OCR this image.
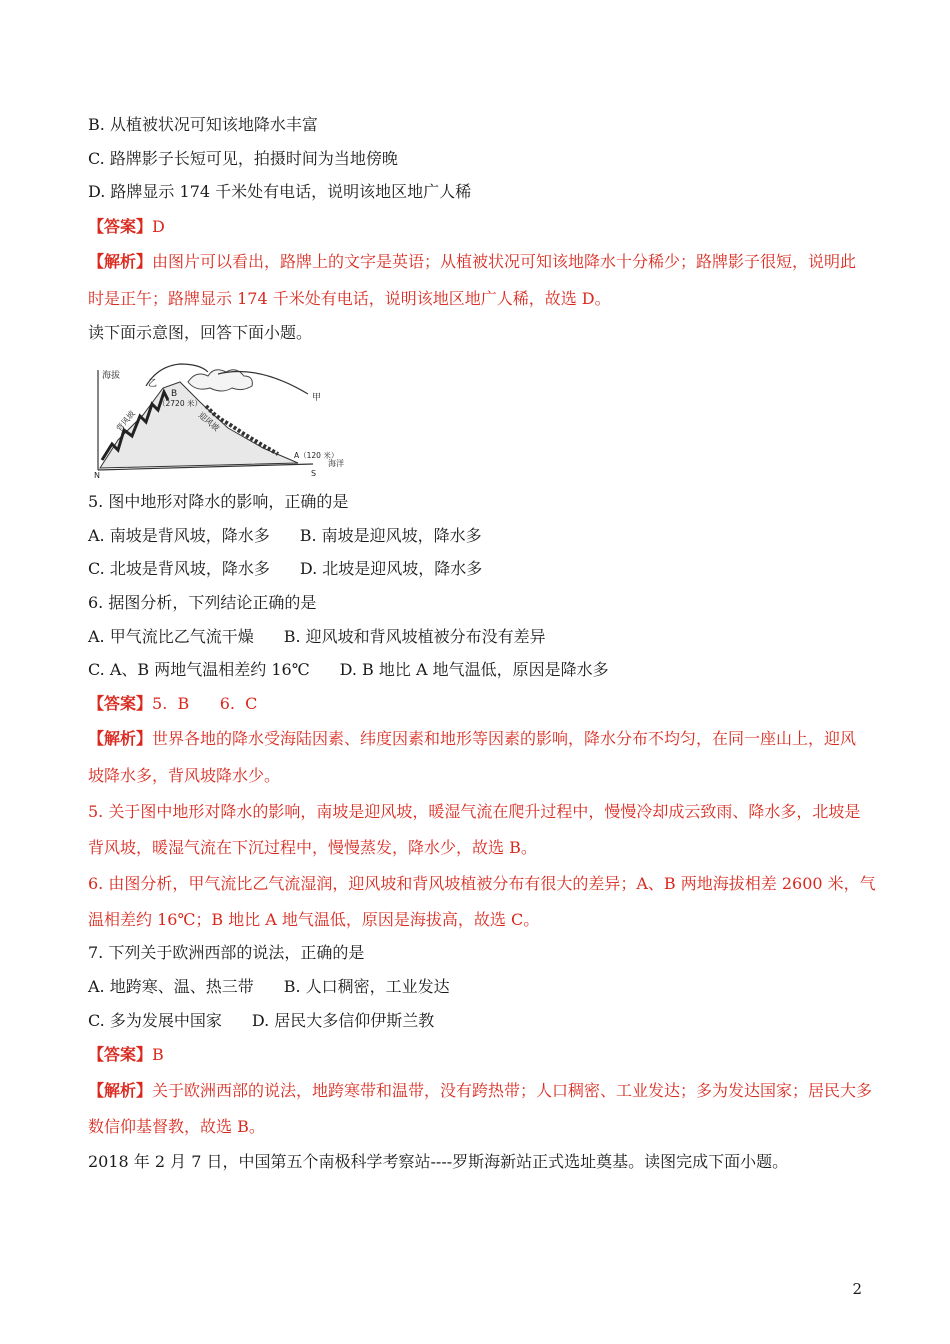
B. 从植被状况可知该地降水丰富
C. 路牌影子长短可见，拍摄时间为当地傍晚
D. 路牌显示 174 千米处有电话，说明该地区地广人稀
【答案】D
【解析】由图片可以看出，路牌上的文字是英语；从植被状况可知该地降水十分稀少；路牌影子很短，说明此
时是正午；路牌显示 174 千米处有电话，说明该地区地广人稀，故选 D。
读下面示意图，回答下面小题。
海拔
B
（2720 米）
背风坡	迎风坡
A（120 米）
海洋
乙
甲
N	S
5. 图中地形对降水的影响，正确的是
A. 南坡是背风坡，降水多 B. 南坡是迎风坡，降水多
C. 北坡是背风坡，降水多 D. 北坡是迎风坡，降水多
6. 据图分析，下列结论正确的是
A. 甲气流比乙气流干燥 B. 迎风坡和背风坡植被分布没有差异
C. A、B 两地气温相差约 16℃ D. B 地比 A 地气温低，原因是降水多
【答案】5.  B      6.  C
【解析】世界各地的降水受海陆因素、纬度因素和地形等因素的影响，降水分布不均匀，在同一座山上，迎风
坡降水多，背风坡降水少。
5. 关于图中地形对降水的影响，南坡是迎风坡，暖湿气流在爬升过程中，慢慢冷却成云致雨、降水多，北坡是
背风坡，暖湿气流在下沉过程中，慢慢蒸发，降水少，故选 B。
6. 由图分析，甲气流比乙气流湿润，迎风坡和背风坡植被分布有很大的差异；A、B 两地海拔相差 2600 米，气
温相差约 16℃；B 地比 A 地气温低，原因是海拔高，故选 C。
7. 下列关于欧洲西部的说法，正确的是
A. 地跨寒、温、热三带 B. 人口稠密，工业发达
C. 多为发展中国家 D. 居民大多信仰伊斯兰教
【答案】B
【解析】关于欧洲西部的说法，地跨寒带和温带，没有跨热带；人口稠密、工业发达；多为发达国家；居民大多
数信仰基督教，故选 B。
2018 年 2 月 7 日，中国第五个南极科学考察站----罗斯海新站正式选址奠基。读图完成下面小题。
2
